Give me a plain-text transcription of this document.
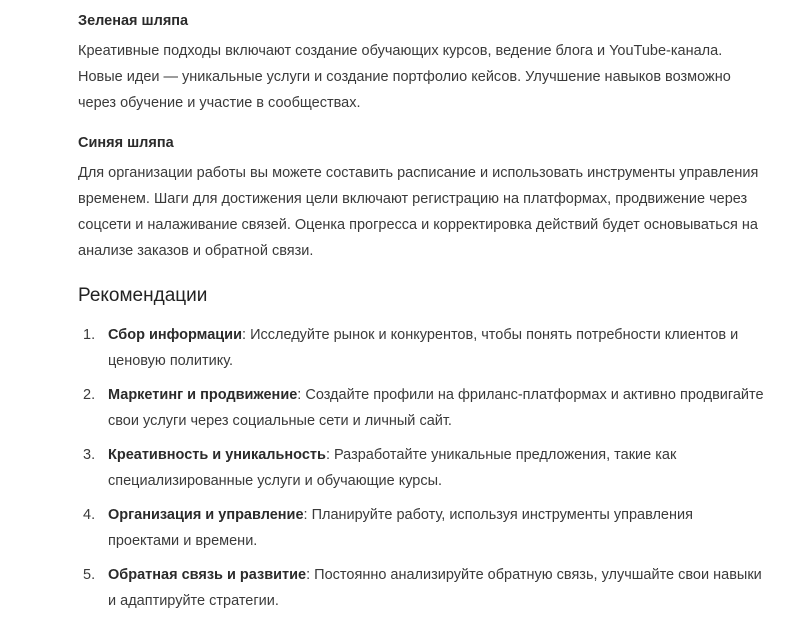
Зеленая шляпа

Креативные подходы включают создание обучающих курсов, ведение блога и YouTube-канала. Новые идеи — уникальные услуги и создание портфолио кейсов. Улучшение навыков возможно через обучение и участие в сообществах.

Синяя шляпа

Для организации работы вы можете составить расписание и использовать инструменты управления временем. Шаги для достижения цели включают регистрацию на платформах, продвижение через соцсети и налаживание связей. Оценка прогресса и корректировка действий будет основываться на анализе заказов и обратной связи.

Рекомендации
1. Сбор информации: Исследуйте рынок и конкурентов, чтобы понять потребности клиентов и ценовую политику.
2. Маркетинг и продвижение: Создайте профили на фриланс-платформах и активно продвигайте свои услуги через социальные сети и личный сайт.
3. Креативность и уникальность: Разработайте уникальные предложения, такие как специализированные услуги и обучающие курсы.
4. Организация и управление: Планируйте работу, используя инструменты управления проектами и времени.
5. Обратная связь и развитие: Постоянно анализируйте обратную связь, улучшайте свои навыки и адаптируйте стратегии.
